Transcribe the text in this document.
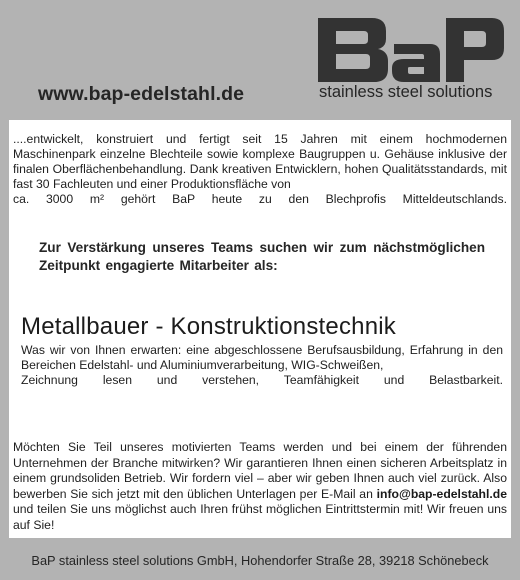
www.bap-edelstahl.de	stainless steel solutions
....entwickelt, konstruiert und fertigt seit 15 Jahren mit einem hochmodernen Maschinenpark einzelne Blechteile sowie komplexe Baugruppen u. Gehäuse inklusive der finalen Oberflächenbehandlung. Dank kreativen Entwicklern, hohen Qualitätsstandards, mit fast 30 Fachleuten und einer Produktionsfläche von
ca. 3000 m² gehört BaP heute zu den Blechprofis Mitteldeutschlands.
Zur Verstärkung unseres Teams suchen wir zum nächstmöglichen Zeitpunkt engagierte Mitarbeiter als:
Metallbauer - Konstruktionstechnik
Was wir von Ihnen erwarten: eine abgeschlossene Berufsausbildung, Erfahrung in den Bereichen Edelstahl- und Aluminiumverarbeitung, WIG-Schweißen,
Zeichnung lesen und verstehen, Teamfähigkeit und Belastbarkeit.
Möchten Sie Teil unseres motivierten Teams werden und bei einem der führenden Unternehmen der Branche mitwirken? Wir garantieren Ihnen einen sicheren Arbeitsplatz in einem grundsoliden Betrieb. Wir fordern viel – aber wir geben Ihnen auch viel zurück. Also bewerben Sie sich jetzt mit den üblichen Unterlagen per E-Mail an info@bap-edelstahl.de und teilen Sie uns möglichst auch Ihren frühst möglichen Eintrittstermin mit! Wir freuen uns auf Sie!
BaP stainless steel solutions GmbH, Hohendorfer Straße 28, 39218 Schönebeck
